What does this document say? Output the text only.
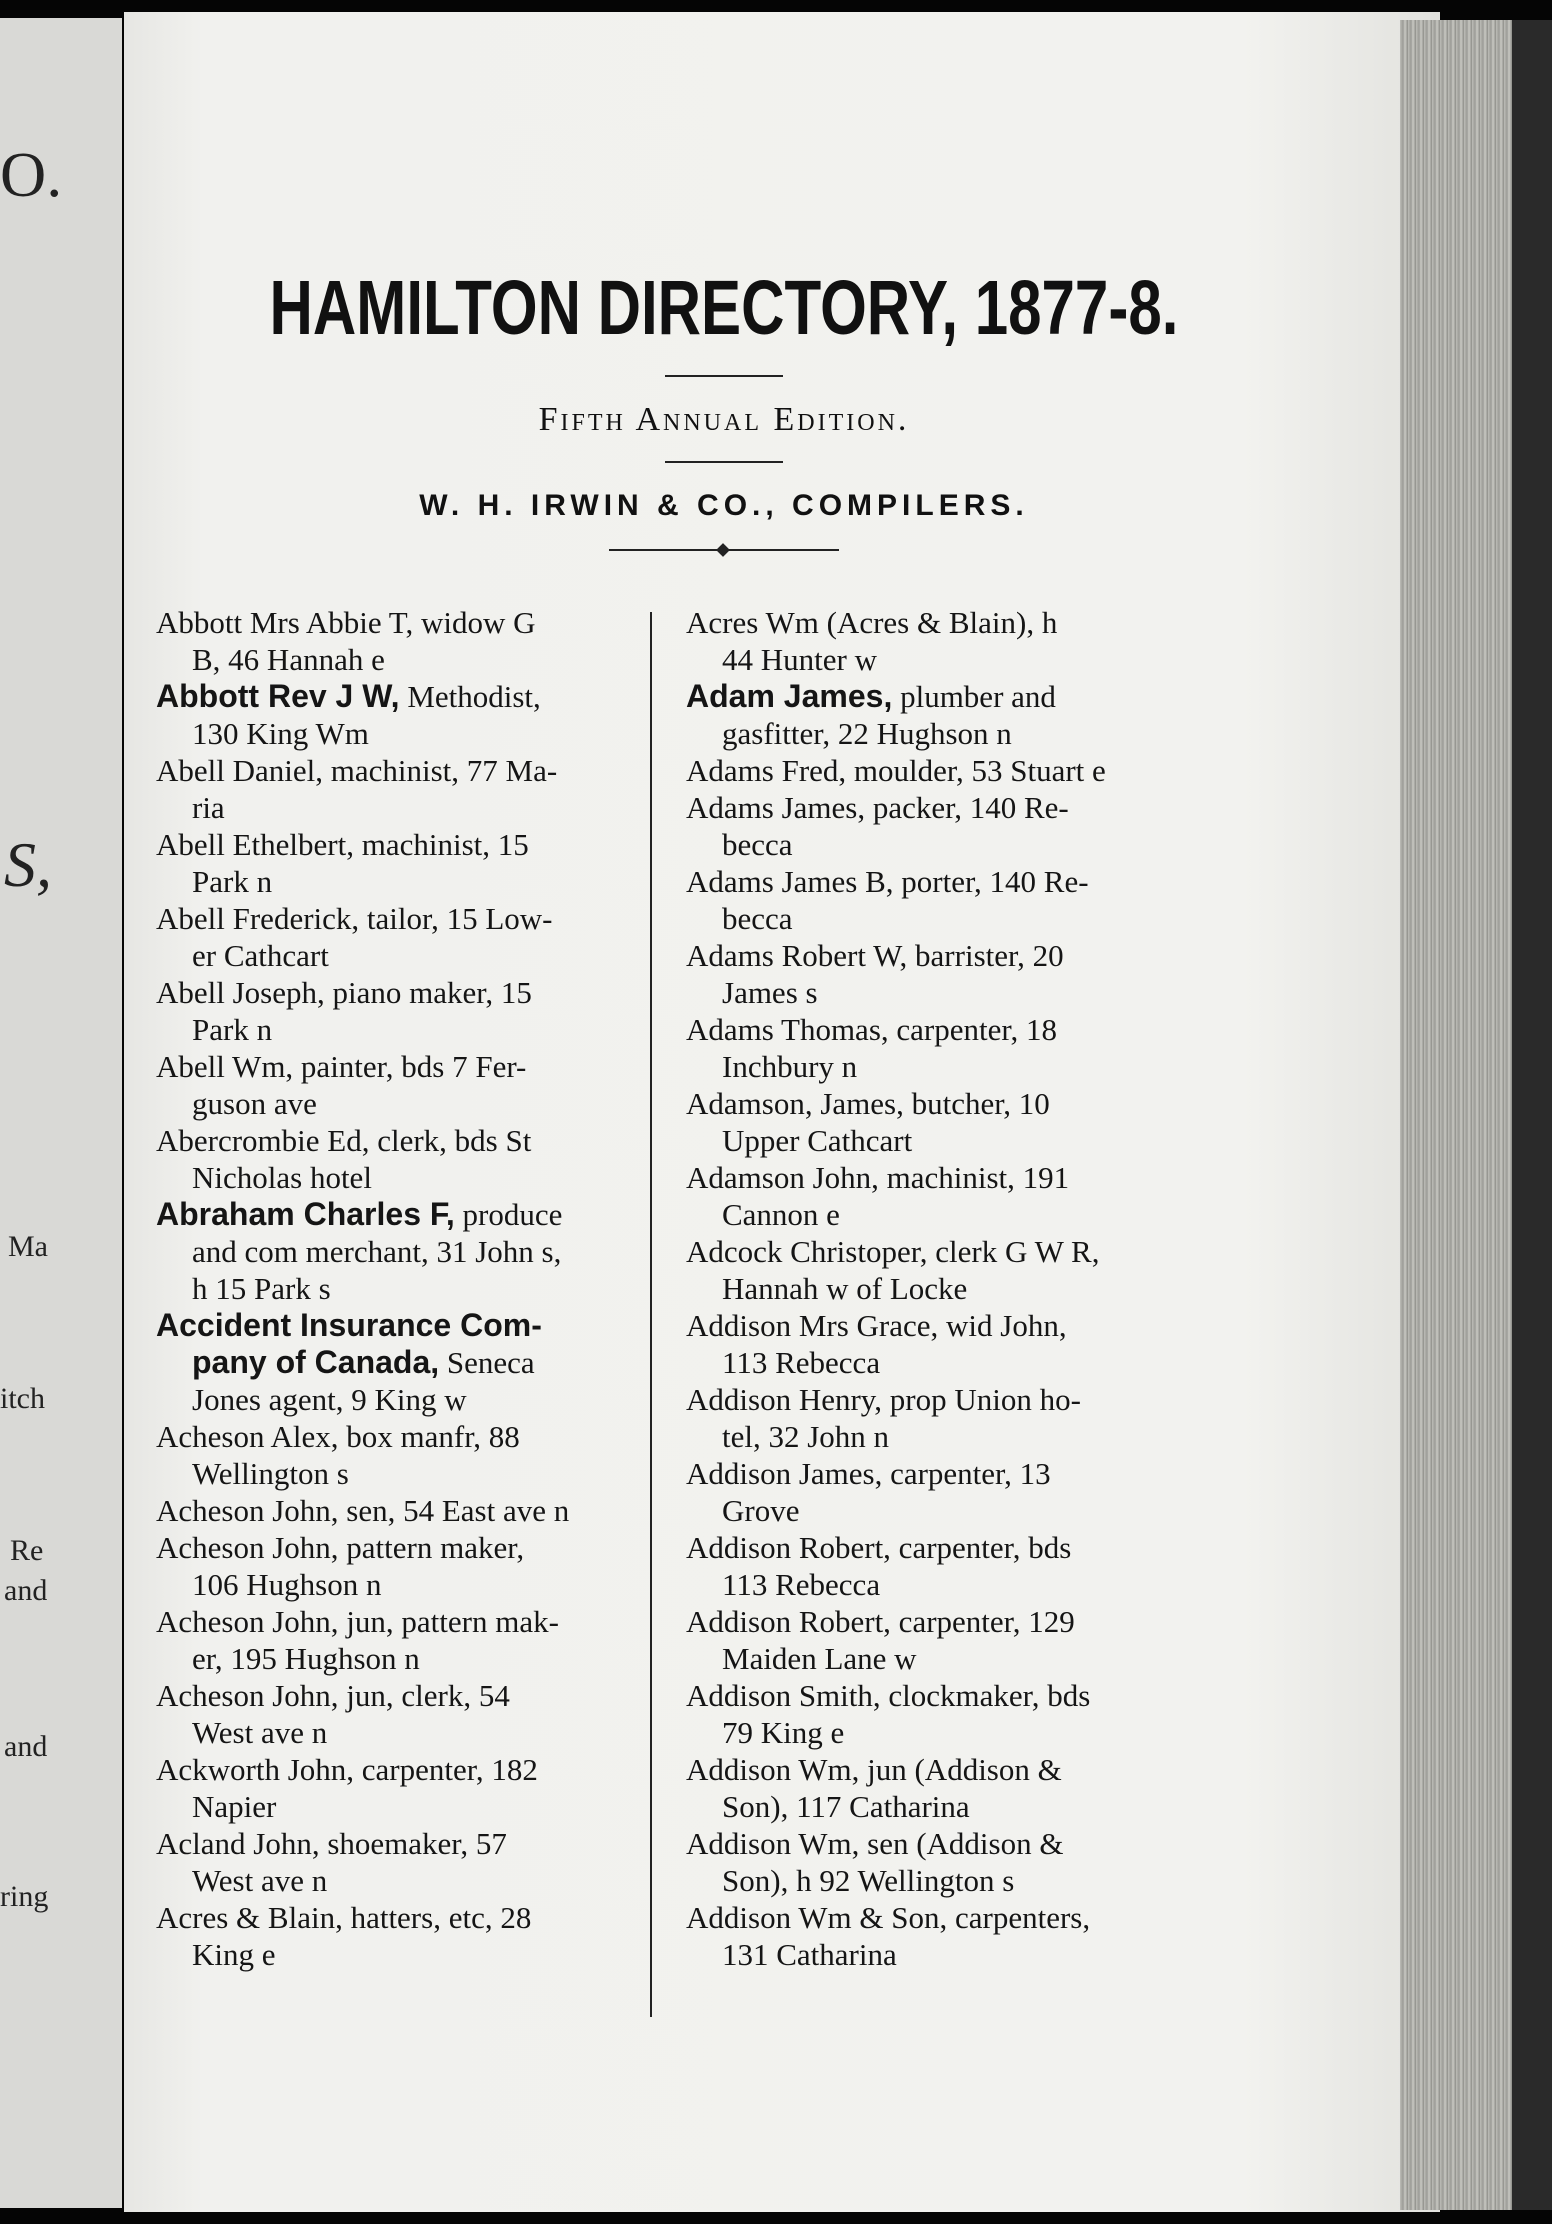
O.
S,
Ma
itch
Re
and
and
ring
HAMILTON DIRECTORY, 1877-8.
Fifth Annual Edition.
W. H. IRWIN & CO., COMPILERS.
Abbott Mrs Abbie T, widow G
B, 46 Hannah e
Abbott Rev J W, Methodist,
130 King Wm
Abell Daniel, machinist, 77 Ma-
ria
Abell Ethelbert, machinist, 15
Park n
Abell Frederick, tailor, 15 Low-
er Cathcart
Abell Joseph, piano maker, 15
Park n
Abell Wm, painter, bds 7 Fer-
guson ave
Abercrombie Ed, clerk, bds St
Nicholas hotel
Abraham Charles F, produce
and com merchant, 31 John s,
h 15 Park s
Accident Insurance Com-
pany of Canada, Seneca
Jones agent, 9 King w
Acheson Alex, box manfr, 88
Wellington s
Acheson John, sen, 54 East ave n
Acheson John, pattern maker,
106 Hughson n
Acheson John, jun, pattern mak-
er, 195 Hughson n
Acheson John, jun, clerk, 54
West ave n
Ackworth John, carpenter, 182
Napier
Acland John, shoemaker, 57
West ave n
Acres & Blain, hatters, etc, 28
King e
Acres Wm (Acres & Blain), h
44 Hunter w
Adam James, plumber and
gasfitter, 22 Hughson n
Adams Fred, moulder, 53 Stuart e
Adams James, packer, 140 Re-
becca
Adams James B, porter, 140 Re-
becca
Adams Robert W, barrister, 20
James s
Adams Thomas, carpenter, 18
Inchbury n
Adamson, James, butcher, 10
Upper Cathcart
Adamson John, machinist, 191
Cannon e
Adcock Christoper, clerk G W R,
Hannah w of Locke
Addison Mrs Grace, wid John,
113 Rebecca
Addison Henry, prop Union ho-
tel, 32 John n
Addison James, carpenter, 13
Grove
Addison Robert, carpenter, bds
113 Rebecca
Addison Robert, carpenter, 129
Maiden Lane w
Addison Smith, clockmaker, bds
79 King e
Addison Wm, jun (Addison &
Son), 117 Catharina
Addison Wm, sen (Addison &
Son), h 92 Wellington s
Addison Wm & Son, carpenters,
131 Catharina
